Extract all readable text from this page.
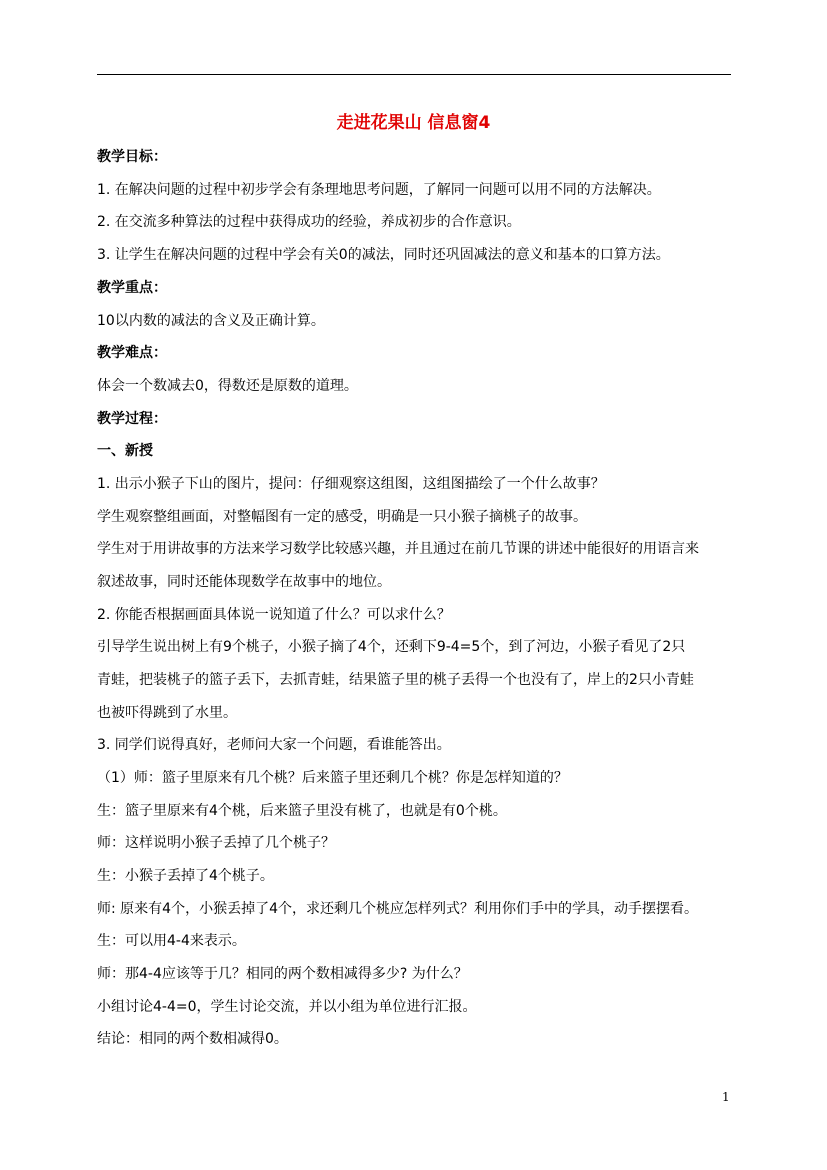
走进花果山 信息窗4
教学目标：
1. 在解决问题的过程中初步学会有条理地思考问题，了解同一问题可以用不同的方法解决。
2. 在交流多种算法的过程中获得成功的经验，养成初步的合作意识。
3. 让学生在解决问题的过程中学会有关0的减法，同时还巩固减法的意义和基本的口算方法。
教学重点：
10以内数的减法的含义及正确计算。
教学难点：
体会一个数减去0，得数还是原数的道理。
教学过程：
一、新授
1. 出示小猴子下山的图片，提问：仔细观察这组图，这组图描绘了一个什么故事？
学生观察整组画面，对整幅图有一定的感受，明确是一只小猴子摘桃子的故事。
学生对于用讲故事的方法来学习数学比较感兴趣，并且通过在前几节课的讲述中能很好的用语言来
叙述故事，同时还能体现数学在故事中的地位。
2. 你能否根据画面具体说一说知道了什么？可以求什么？
引导学生说出树上有9个桃子，小猴子摘了4个，还剩下9-4=5个，到了河边，小猴子看见了2只
青蛙，把装桃子的篮子丢下，去抓青蛙，结果篮子里的桃子丢得一个也没有了，岸上的2只小青蛙
也被吓得跳到了水里。
3. 同学们说得真好，老师问大家一个问题，看谁能答出。
（1）师：篮子里原来有几个桃？后来篮子里还剩几个桃？你是怎样知道的？
生：篮子里原来有4个桃，后来篮子里没有桃了，也就是有0个桃。
师：这样说明小猴子丢掉了几个桃子？
生：小猴子丢掉了4个桃子。
师: 原来有4个，小猴丢掉了4个，求还剩几个桃应怎样列式？利用你们手中的学具，动手摆摆看。
生：可以用4-4来表示。
师：那4-4应该等于几？相同的两个数相减得多少? 为什么？
小组讨论4-4=0，学生讨论交流，并以小组为单位进行汇报。
结论：相同的两个数相减得0。
1
